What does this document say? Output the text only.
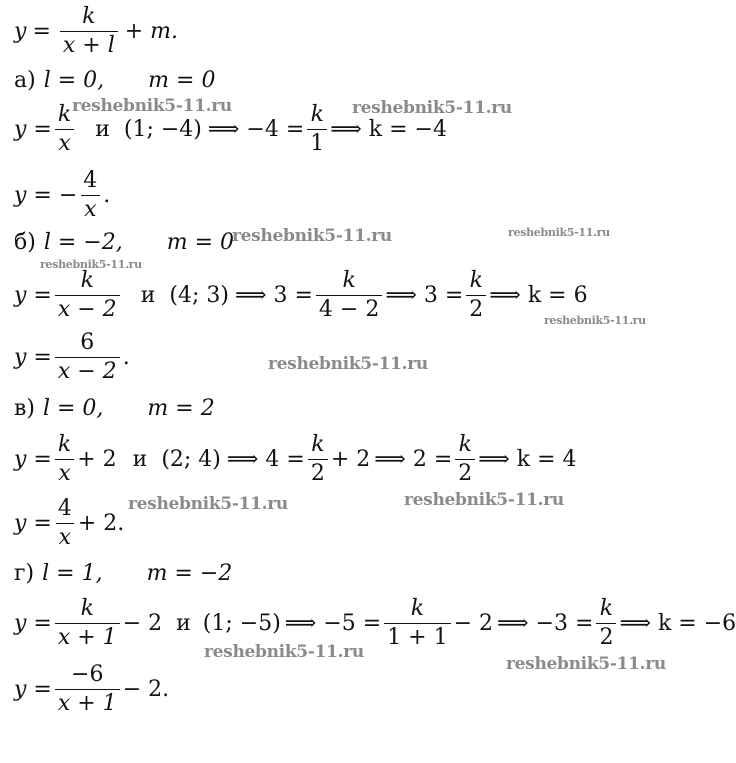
$y = \frac{k}{x + l} + m$.
а) l = 0, m = 0
$y = \frac{k}{x}$ и (1; −4) ⟹ $-4 = \frac{k}{1}$ ⟹ k = −4
y = − $\frac{4}{x}$ .
б) l = −2, m = 0
$y = \frac{k}{x - 2}$ и (4; 3) ⟹ $3 = \frac{k}{4 - 2}$ ⟹ $3 = \frac{k}{2}$ ⟹ k = 6
$y = \frac{6}{x - 2}$ .
в) l = 0, m = 2
$y = \frac{k}{x} + 2$ и (2; 4) ⟹ $4 = \frac{k}{2} + 2$ ⟹ $2 = \frac{k}{2}$ ⟹ k = 4
$y = \frac{4}{x} + 2$.
г) l = 1, m = −2
$y = \frac{k}{x + 1} - 2$ и (1; −5) ⟹ $-5 = \frac{k}{1 + 1} - 2$ ⟹ $-3 = \frac{k}{2}$ ⟹ k = −6
$y = \frac{-6}{x + 1} - 2$.
reshebnik5-11.ru	reshebnik5-11.ru
reshebnik5-11.ru	reshebnik5-11.ru
reshebnik5-11.ru
reshebnik5-11.ru
reshebnik5-11.ru
reshebnik5-11.ru	reshebnik5-11.ru
reshebnik5-11.ru
reshebnik5-11.ru
